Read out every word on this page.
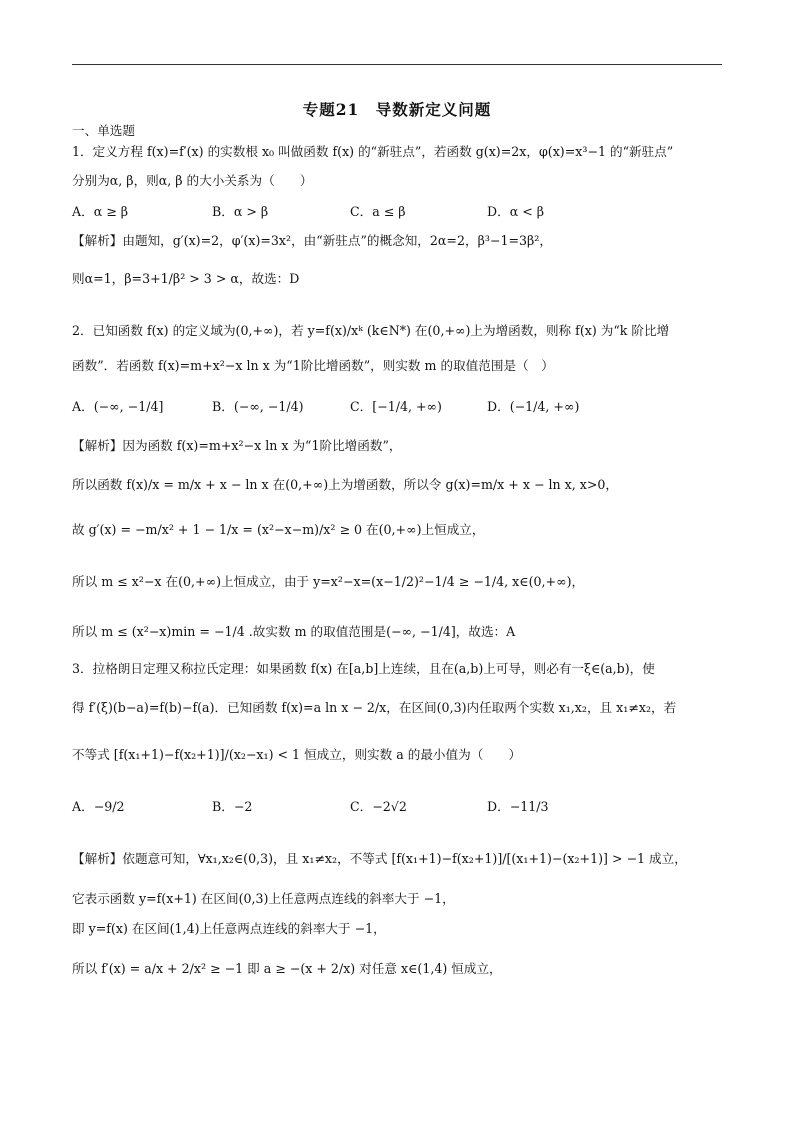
专题21　导数新定义问题
一、单选题
1．定义方程 f(x)=f′(x) 的实数根 x₀ 叫做函数 f(x) 的“新驻点”，若函数 g(x)=2x，φ(x)=x³−1 的“新驻点”
分别为α, β，则α, β 的大小关系为（　　）
A．α ≥ β	B．α > β	C．a ≤ β	D．α < β
【解析】由题知，g′(x)=2，φ′(x)=3x²，由“新驻点”的概念知，2α=2，β³−1=3β²，
则α=1，β=3+1/β² > 3 > α，故选：D
2．已知函数 f(x) 的定义域为(0,+∞)，若 y=f(x)/xᵏ (k∈N*) 在(0,+∞)上为增函数，则称 f(x) 为“k 阶比增
函数”．若函数 f(x)=m+x²−x ln x 为“1阶比增函数”，则实数 m 的取值范围是（　）
A．(−∞, −1/4]	B．(−∞, −1/4)	C．[−1/4, +∞)	D．(−1/4, +∞)
【解析】因为函数 f(x)=m+x²−x ln x 为“1阶比增函数”，
所以函数 f(x)/x = m/x + x − ln x 在(0,+∞)上为增函数，所以令 g(x)=m/x + x − ln x, x>0，
故 g′(x) = −m/x² + 1 − 1/x = (x²−x−m)/x² ≥ 0 在(0,+∞)上恒成立，
所以 m ≤ x²−x 在(0,+∞)上恒成立，由于 y=x²−x=(x−1/2)²−1/4 ≥ −1/4, x∈(0,+∞)，
所以 m ≤ (x²−x)min = −1/4 .故实数 m 的取值范围是(−∞, −1/4]，故选：A
3．拉格朗日定理又称拉氏定理：如果函数 f(x) 在[a,b]上连续，且在(a,b)上可导，则必有一ξ∈(a,b)，使
得 f′(ξ)(b−a)=f(b)−f(a)．已知函数 f(x)=a ln x − 2/x，在区间(0,3)内任取两个实数 x₁,x₂，且 x₁≠x₂，若
不等式 [f(x₁+1)−f(x₂+1)]/(x₂−x₁) < 1 恒成立，则实数 a 的最小值为（　　）
A．−9/2	B．−2	C．−2√2	D．−11/3
【解析】依题意可知，∀x₁,x₂∈(0,3)，且 x₁≠x₂，不等式 [f(x₁+1)−f(x₂+1)]/[(x₁+1)−(x₂+1)] > −1 成立，
它表示函数 y=f(x+1) 在区间(0,3)上任意两点连线的斜率大于 −1，
即 y=f(x) 在区间(1,4)上任意两点连线的斜率大于 −1，
所以 f′(x) = a/x + 2/x² ≥ −1 即 a ≥ −(x + 2/x) 对任意 x∈(1,4) 恒成立，
